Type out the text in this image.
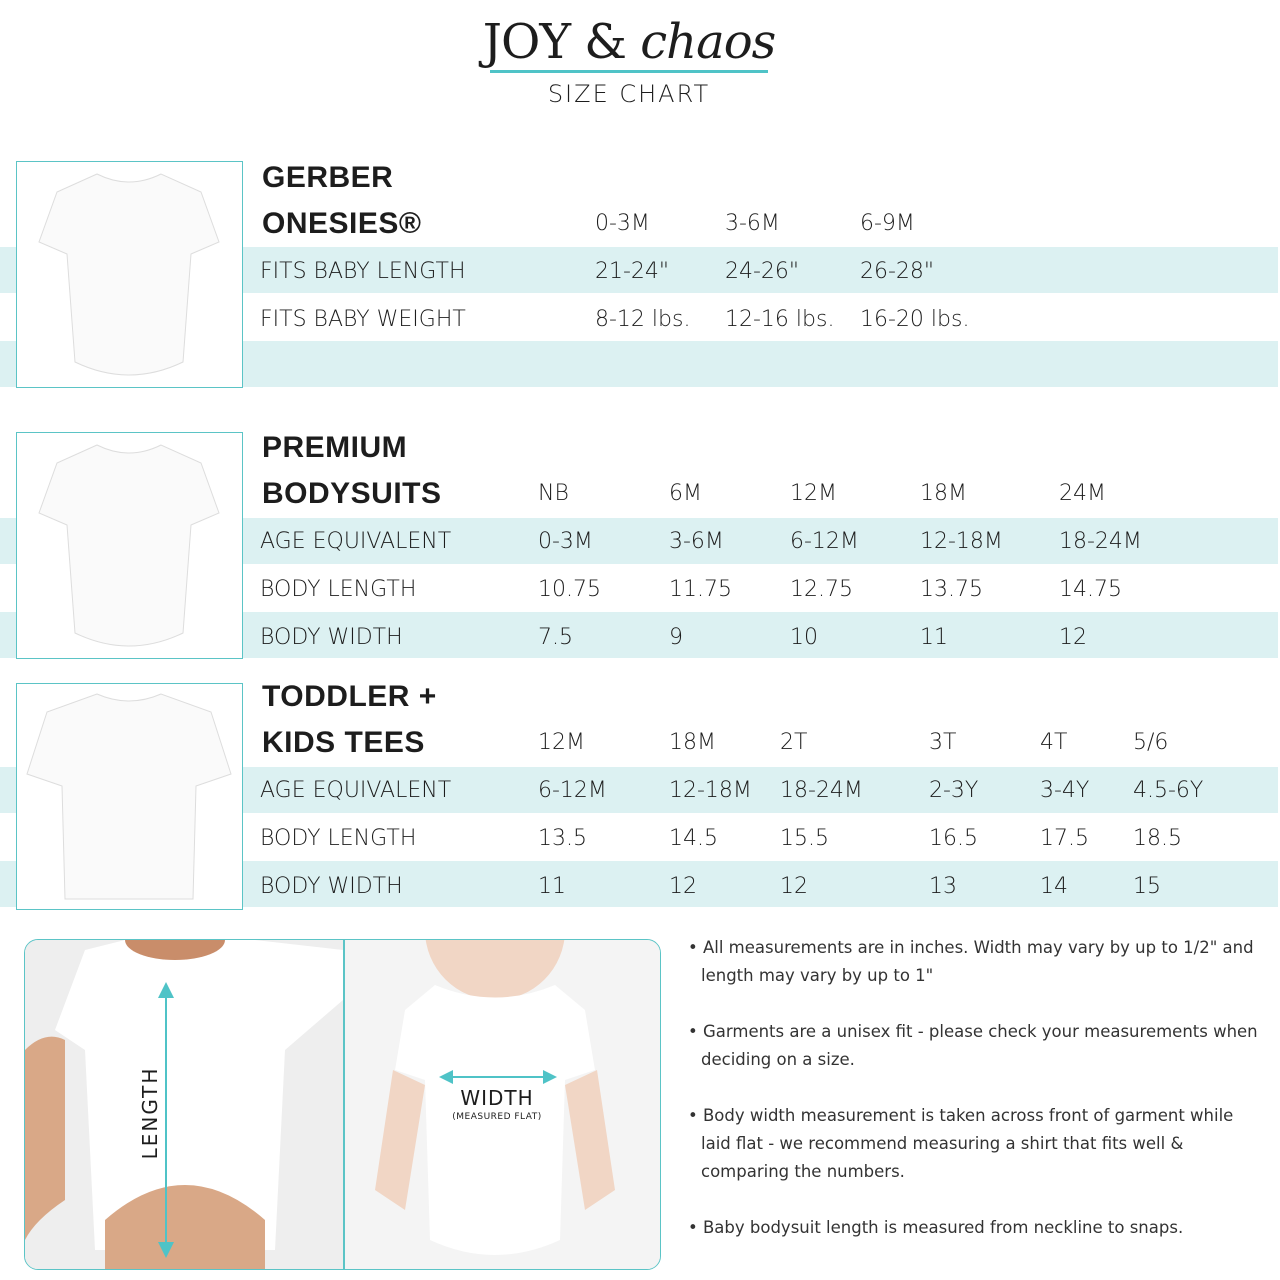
JOY & chaos
SIZE CHART
GERBER
ONESIES®	0-3M	3-6M	6-9M
FITS BABY LENGTH	21-24"	24-26"	26-28"
FITS BABY WEIGHT	8-12 lbs. 12-16 lbs. 16-20 lbs.
PREMIUM
BODYSUITS	NB	6M	12M	18M	24M
AGE EQUIVALENT	0-3M	3-6M	6-12M	12-18M	18-24M
BODY LENGTH	10.75	11.75	12.75	13.75	14.75
BODY WIDTH	7.5	9	10	11	12
TODDLER +
KIDS TEES	12M	18M	2T	3T	4T	5/6
AGE EQUIVALENT	6-12M	12-18M 18-24M	2-3Y	3-4Y 4.5-6Y
BODY LENGTH	13.5	14.5	15.5	16.5	17.5 18.5
BODY WIDTH	11	12	12	13	14	15
LENGTH	WIDTH
(MEASURED FLAT)

• All measurements are in inches. Width may vary by up to 1/2" and length may vary by up to 1"

• Garments are a unisex fit - please check your measurements when deciding on a size.

• Body width measurement is taken across front of garment while laid flat - we recommend measuring a shirt that fits well & comparing the numbers.

• Baby bodysuit length is measured from neckline to snaps.
